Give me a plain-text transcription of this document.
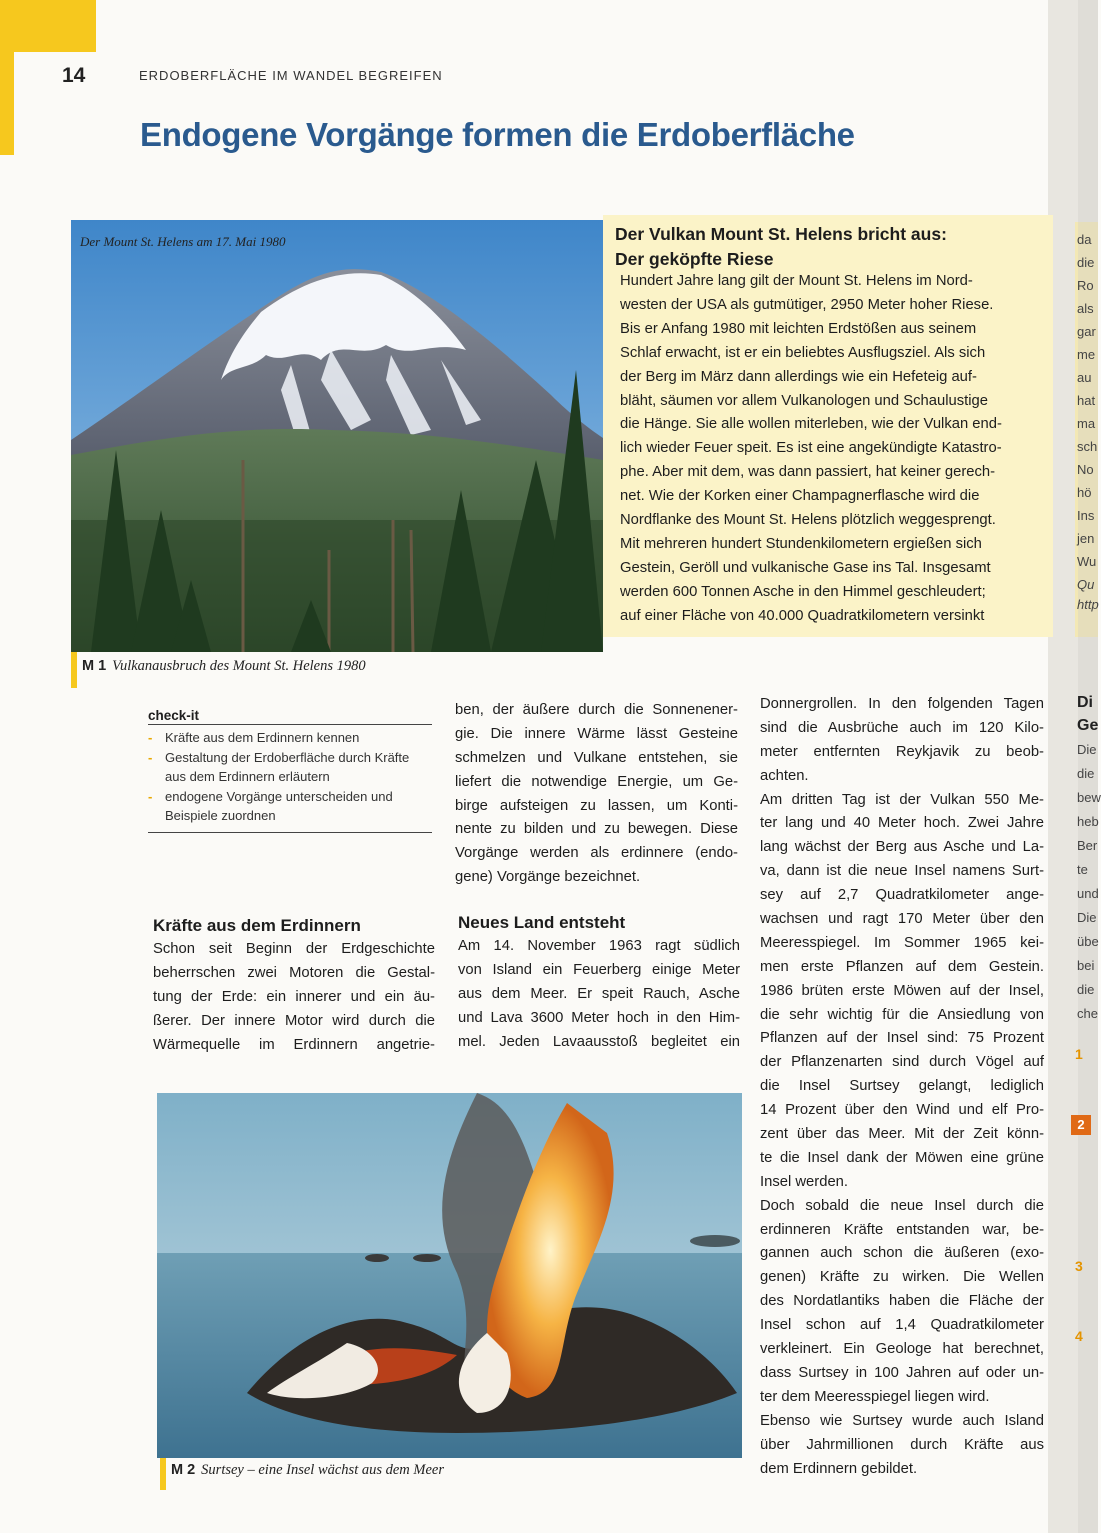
14	ERDOBERFLÄCHE IM WANDEL BEGREIFEN
Endogene Vorgänge formen die Erdoberfläche
Der Mount St. Helens am 17. Mai 1980	Der Vulkan Mount St. Helens bricht aus:
Der geköpfte Riese
Hundert Jahre lang gilt der Mount St. Helens im Nord-
westen der USA als gutmütiger, 2950 Meter hoher Riese.
Bis er Anfang 1980 mit leichten Erdstößen aus seinem
Schlaf erwacht, ist er ein beliebtes Ausflugsziel. Als sich
der Berg im März dann allerdings wie ein Hefeteig auf-
bläht, säumen vor allem Vulkanologen und Schaulustige
die Hänge. Sie alle wollen miterleben, wie der Vulkan end-
lich wieder Feuer speit. Es ist eine angekündigte Katastro-
phe. Aber mit dem, was dann passiert, hat keiner gerech-
net. Wie der Korken einer Champagnerflasche wird die
Nordflanke des Mount St. Helens plötzlich weggesprengt.
Mit mehreren hundert Stundenkilometern ergießen sich
Gestein, Geröll und vulkanische Gase ins Tal. Insgesamt
werden 600 Tonnen Asche in den Himmel geschleudert;
auf einer Fläche von 40.000 Quadratkilometern versinkt
M 1 Vulkanausbruch des Mount St. Helens 1980
check-it
- Kräfte aus dem Erdinnern kennen
- Gestaltung der Erdoberfläche durch Kräfte aus dem Erdinnern erläutern
- endogene Vorgänge unterscheiden und Beispiele zuordnen
Kräfte aus dem Erdinnern
Schon seit Beginn der Erdgeschichte
beherrschen zwei Motoren die Gestal-
tung der Erde: ein innerer und ein äu-
ßerer. Der innere Motor wird durch die
Wärmequelle im Erdinnern angetrie-
ben, der äußere durch die Sonnenener-
gie. Die innere Wärme lässt Gesteine
schmelzen und Vulkane entstehen, sie
liefert die notwendige Energie, um Ge-
birge aufsteigen zu lassen, um Konti-
nente zu bilden und zu bewegen. Diese
Vorgänge werden als erdinnere (endo-
gene) Vorgänge bezeichnet.
Neues Land entsteht
Am 14. November 1963 ragt südlich
von Island ein Feuerberg einige Meter
aus dem Meer. Er speit Rauch, Asche
und Lava 3600 Meter hoch in den Him-
mel. Jeden Lavaausstoß begleitet ein
Donnergrollen. In den folgenden Tagen
sind die Ausbrüche auch im 120 Kilo-
meter entfernten Reykjavik zu beob-
achten.
Am dritten Tag ist der Vulkan 550 Me-
ter lang und 40 Meter hoch. Zwei Jahre
lang wächst der Berg aus Asche und La-
va, dann ist die neue Insel namens Surt-
sey auf 2,7 Quadratkilometer ange-
wachsen und ragt 170 Meter über den
Meeresspiegel. Im Sommer 1965 kei-
men erste Pflanzen auf dem Gestein.
1986 brüten erste Möwen auf der Insel,
die sehr wichtig für die Ansiedlung von
Pflanzen auf der Insel sind: 75 Prozent
der Pflanzenarten sind durch Vögel auf
die Insel Surtsey gelangt, lediglich
14 Prozent über den Wind und elf Pro-
zent über das Meer. Mit der Zeit könn-
te die Insel dank der Möwen eine grüne
Insel werden.
Doch sobald die neue Insel durch die
erdinneren Kräfte entstanden war, be-
gannen auch schon die äußeren (exo-
genen) Kräfte zu wirken. Die Wellen
des Nordatlantiks haben die Fläche der
Insel schon auf 1,4 Quadratkilometer
verkleinert. Ein Geologe hat berechnet,
dass Surtsey in 100 Jahren auf oder un-
ter dem Meeresspiegel liegen wird.
Ebenso wie Surtsey wurde auch Island
über Jahrmillionen durch Kräfte aus
dem Erdinnern gebildet.
M 2 Surtsey – eine Insel wächst aus dem Meer
da
die
Ro
als
gar
me
au
hat
ma
sch
No
hö
Ins
jen
Wu
Qu
http
Di
Ge
Die
die
bew
heb
Ber
te
und
Die
übe
bei
die
che
1
2
3
4
